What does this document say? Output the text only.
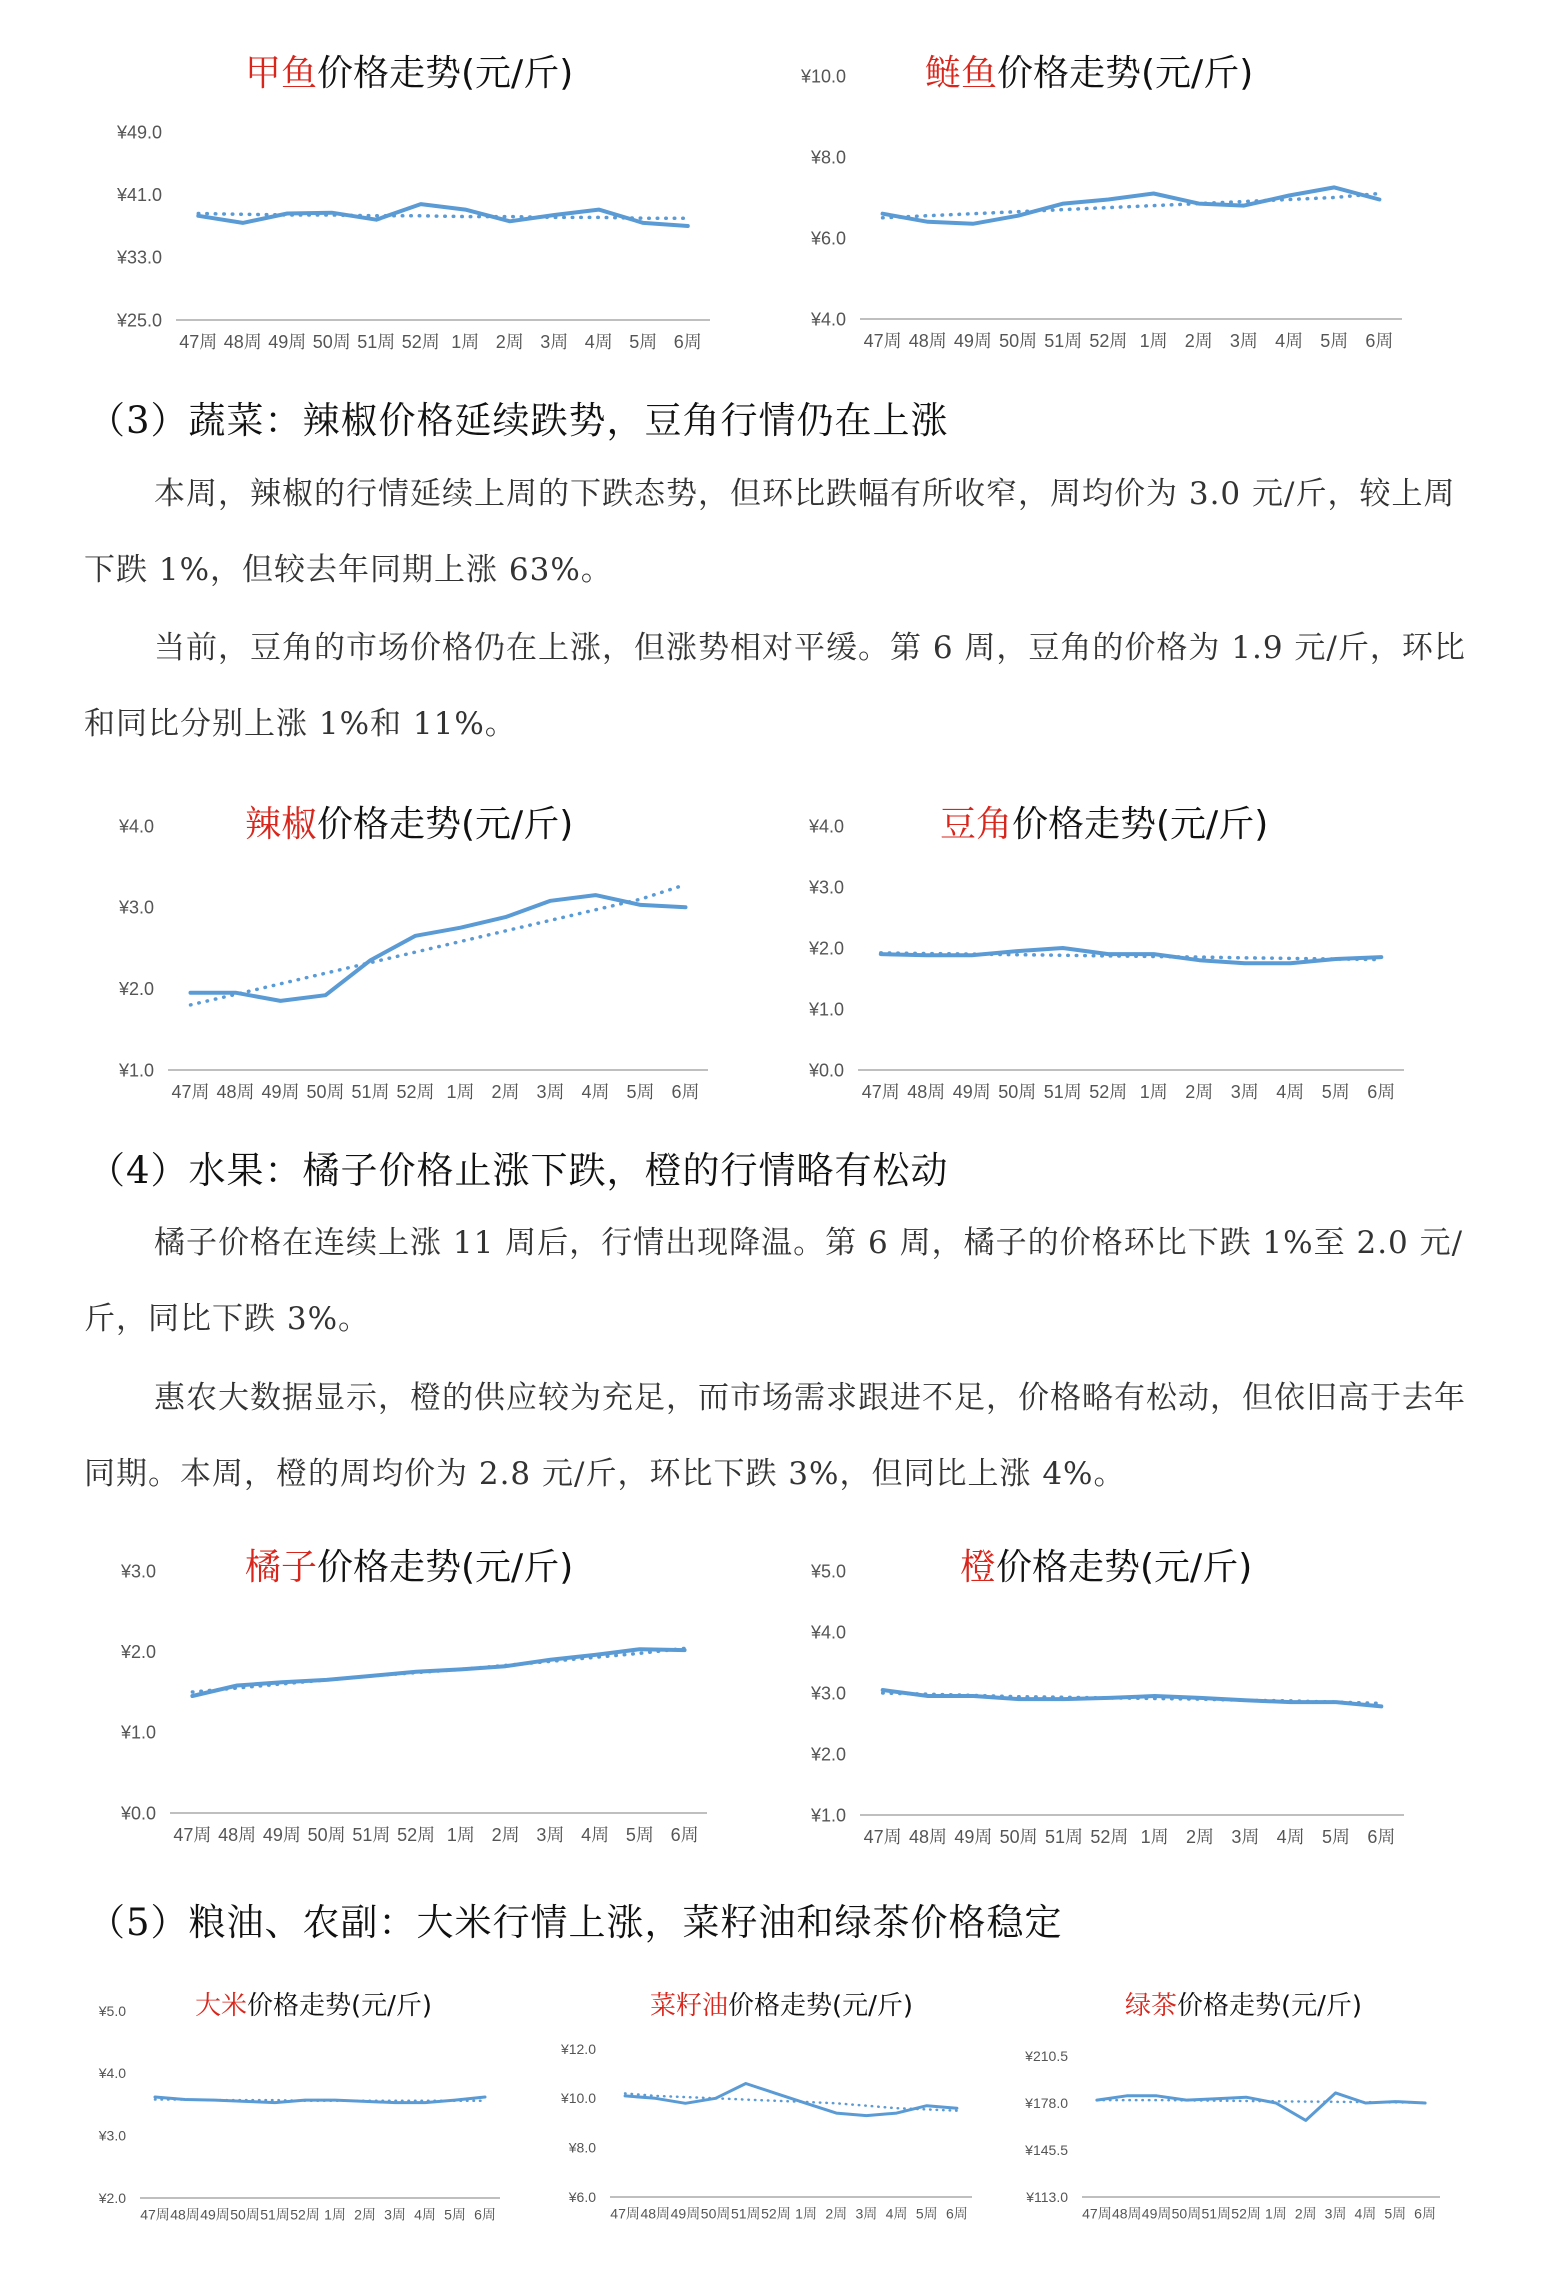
甲鱼价格走势(元/斤)
¥49.0
¥41.0
¥33.0
¥25.0
47周 48周 49周 50周 51周 52周 1周 2周 3周 4周 5周 6周
鲢鱼价格走势(元/斤)
¥10.0
¥8.0
¥6.0
¥4.0
47周 48周 49周 50周 51周 52周 1周 2周 3周 4周 5周 6周
（3）蔬菜：辣椒价格延续跌势，豆角行情仍在上涨

本周，辣椒的行情延续上周的下跌态势，但环比跌幅有所收窄，周均价为 3.0 元/斤，较上周下跌 1%，但较去年同期上涨 63%。

当前，豆角的市场价格仍在上涨，但涨势相对平缓。第 6 周，豆角的价格为 1.9 元/斤，环比和同比分别上涨 1%和 11%。

辣椒价格走势(元/斤)
¥4.0
¥3.0
¥2.0
¥1.0
47周 48周 49周 50周 51周 52周 1周 2周 3周 4周 5周 6周
豆角价格走势(元/斤)
¥4.0
¥3.0
¥2.0
¥1.0
¥0.0
47周 48周 49周 50周 51周 52周 1周 2周 3周 4周 5周 6周
（4）水果：橘子价格止涨下跌，橙的行情略有松动

橘子价格在连续上涨 11 周后，行情出现降温。第 6 周，橘子的价格环比下跌 1%至 2.0 元/斤，同比下跌 3%。

惠农大数据显示，橙的供应较为充足，而市场需求跟进不足，价格略有松动，但依旧高于去年同期。本周，橙的周均价为 2.8 元/斤，环比下跌 3%，但同比上涨 4%。

橘子价格走势(元/斤)
¥3.0
¥2.0
¥1.0
¥0.0
47周 48周 49周 50周 51周 52周 1周 2周 3周 4周 5周 6周
橙价格走势(元/斤)
¥5.0
¥4.0
¥3.0
¥2.0
¥1.0
47周 48周 49周 50周 51周 52周 1周 2周 3周 4周 5周 6周
（5）粮油、农副：大米行情上涨，菜籽油和绿茶价格稳定
大米价格走势(元/斤)
¥5.0
¥4.0
¥3.0
¥2.0
47周 48周 49周 50周 51周 52周 1周 2周 3周 4周 5周 6周
菜籽油价格走势(元/斤)
¥12.0
¥10.0
¥8.0
¥6.0
47周 48周 49周 50周 51周 52周 1周 2周 3周 4周 5周 6周
绿茶价格走势(元/斤)
¥210.5
¥178.0
¥145.5
¥113.0
47周 48周 49周 50周 51周 52周 1周 2周 3周 4周 5周 6周
